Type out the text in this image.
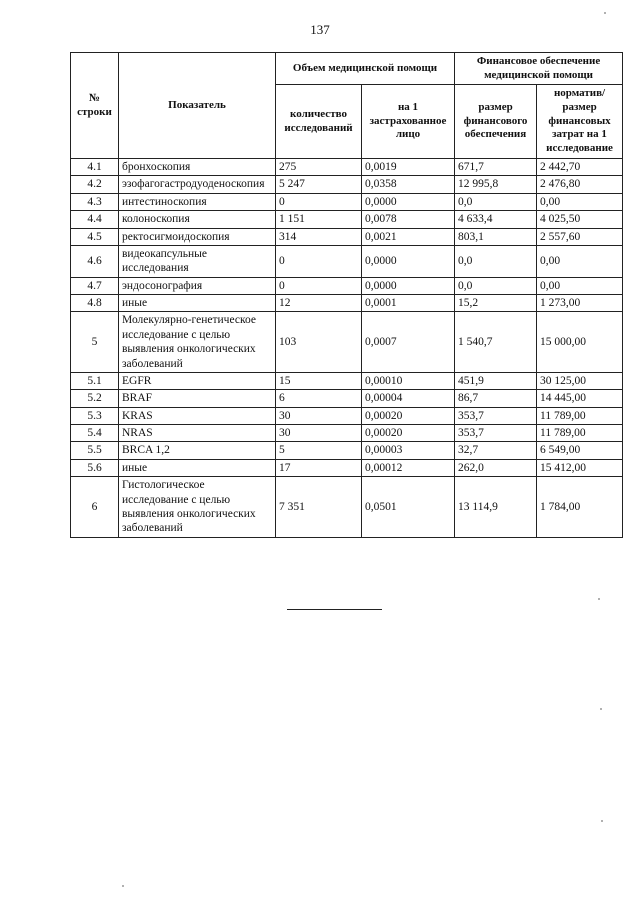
137
№ строки	Показатель	Объем медицинской помощи		Финансовое обеспечение медицинской помощи	
		количество исследований	на 1 застрахованное лицо	размер финансового обеспечения	норматив/размер финансовых затрат на 1 исследование
4.1	бронхоскопия	275	0,0019	671,7	2 442,70
4.2	эзофагогастродуоденоскопия	5 247	0,0358	12 995,8	2 476,80
4.3	интестиноскопия	0	0,0000	0,0	0,00
4.4	колоноскопия	1 151	0,0078	4 633,4	4 025,50
4.5	ректосигмоидоскопия	314	0,0021	803,1	2 557,60
4.6	видеокапсульные исследования	0	0,0000	0,0	0,00
4.7	эндосонография	0	0,0000	0,0	0,00
4.8	иные	12	0,0001	15,2	1 273,00
5	Молекулярно-генетическое исследование с целью выявления онкологических заболеваний	103	0,0007	1 540,7	15 000,00
5.1	EGFR	15	0,00010	451,9	30 125,00
5.2	BRAF	6	0,00004	86,7	14 445,00
5.3	KRAS	30	0,00020	353,7	11 789,00
5.4	NRAS	30	0,00020	353,7	11 789,00
5.5	BRCA 1,2	5	0,00003	32,7	6 549,00
5.6	иные	17	0,00012	262,0	15 412,00
6	Гистологическое исследование с целью выявления онкологических заболеваний	7 351	0,0501	13 114,9	1 784,00
